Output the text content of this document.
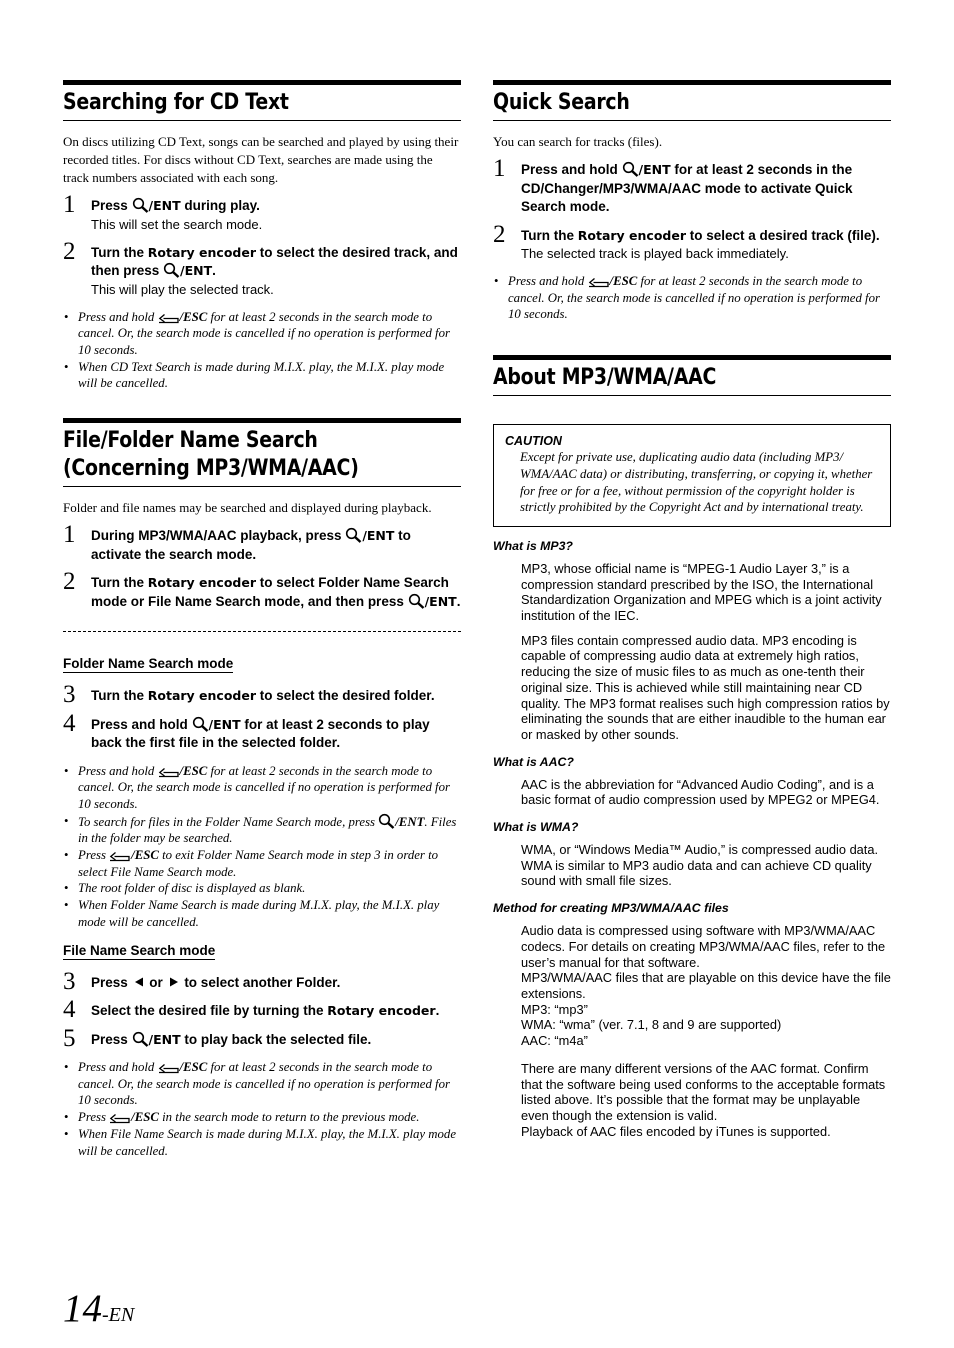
Searching for CD Text

On discs utilizing CD Text, songs can be searched and played by using their recorded titles. For discs without CD Text, searches are made using the track numbers associated with each song.

1 Press /ENT during play.
This will set the search mode.
2 Turn the Rotary encoder to select the desired track, and then press /ENT.
This will play the selected track.
• Press and hold /ESC for at least 2 seconds in the search mode to cancel. Or, the search mode is cancelled if no operation is performed for 10 seconds.
• When CD Text Search is made during M.I.X. play, the M.I.X. play mode will be cancelled.
File/Folder Name Search
(Concerning MP3/WMA/AAC)

Folder and file names may be searched and displayed during playback.

1 During MP3/WMA/AAC playback, press /ENT to activate the search mode.
2 Turn the Rotary encoder to select Folder Name Search mode or File Name Search mode, and then press /ENT.
Folder Name Search mode
3 Turn the Rotary encoder to select the desired folder.
4 Press and hold /ENT for at least 2 seconds to play back the first file in the selected folder.
• Press and hold /ESC for at least 2 seconds in the search mode to cancel. Or, the search mode is cancelled if no operation is performed for 10 seconds.
• To search for files in the Folder Name Search mode, press /ENT. Files in the folder may be searched.
• Press /ESC to exit Folder Name Search mode in step 3 in order to select File Name Search mode.
• The root folder of disc is displayed as blank.
• When Folder Name Search is made during M.I.X. play, the M.I.X. play mode will be cancelled.
File Name Search mode
3 Press  or  to select another Folder.
4 Select the desired file by turning the Rotary encoder.
5 Press /ENT to play back the selected file.
• Press and hold /ESC for at least 2 seconds in the search mode to cancel. Or, the search mode is cancelled if no operation is performed for 10 seconds.
• Press /ESC in the search mode to return to the previous mode.
• When File Name Search is made during M.I.X. play, the M.I.X. play mode will be cancelled.
Quick Search

You can search for tracks (files).

1 Press and hold /ENT for at least 2 seconds in the CD/Changer/MP3/WMA/AAC mode to activate Quick Search mode.
2 Turn the Rotary encoder to select a desired track (file).
The selected track is played back immediately.
• Press and hold /ESC for at least 2 seconds in the search mode to cancel. Or, the search mode is cancelled if no operation is performed for 10 seconds.
About MP3/WMA/AAC
CAUTION
Except for private use, duplicating audio data (including MP3/ WMA/AAC data) or distributing, transferring, or copying it, whether for free or for a fee, without permission of the copyright holder is strictly prohibited by the Copyright Act and by international treaty.
What is MP3?

MP3, whose official name is “MPEG-1 Audio Layer 3,” is a compression standard prescribed by the ISO, the International Standardization Organization and MPEG which is a joint activity institution of the IEC.

MP3 files contain compressed audio data. MP3 encoding is capable of compressing audio data at extremely high ratios, reducing the size of music files to as much as one-tenth their original size. This is achieved while still maintaining near CD quality. The MP3 format realises such high compression ratios by eliminating the sounds that are either inaudible to the human ear or masked by other sounds.

What is AAC?

AAC is the abbreviation for “Advanced Audio Coding”, and is a basic format of audio compression used by MPEG2 or MPEG4.

What is WMA?

WMA, or “Windows Media™ Audio,” is compressed audio data. WMA is similar to MP3 audio data and can achieve CD quality sound with small file sizes.

Method for creating MP3/WMA/AAC files
Audio data is compressed using software with MP3/WMA/AAC codecs. For details on creating MP3/WMA/AAC files, refer to the user’s manual for that software.
MP3/WMA/AAC files that are playable on this device have the file extensions.
MP3: “mp3”
WMA: “wma” (ver. 7.1, 8 and 9 are supported)
AAC: “m4a”
There are many different versions of the AAC format. Confirm that the software being used conforms to the acceptable formats listed above. It’s possible that the format may be unplayable even though the extension is valid.
Playback of AAC files encoded by iTunes is supported.
14-EN
